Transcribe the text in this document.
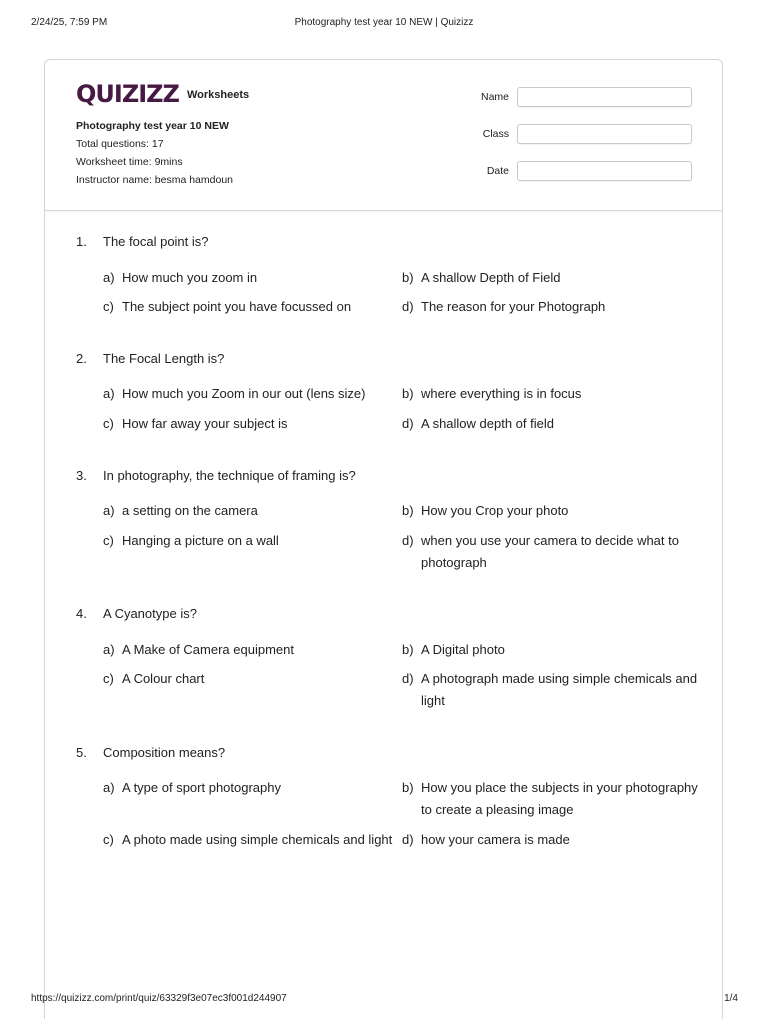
2/24/25, 7:59 PM	Photography test year 10 NEW | Quizizz
QUIZIZZ Worksheets
Photography test year 10 NEW
Total questions: 17
Worksheet time: 9mins
Instructor name: besma hamdoun
Name
Class
Date
1. The focal point is?
a) How much you zoom in	b) A shallow Depth of Field
c) The subject point you have focussed on	d) The reason for your Photograph
2. The Focal Length is?
a) How much you Zoom in our out (lens size)	b) where everything is in focus
c) How far away your subject is	d) A shallow depth of field
3. In photography, the technique of framing is?
a) a setting on the camera	b) How you Crop your photo
c) Hanging a picture on a wall	d) when you use your camera to decide what to photograph
4. A Cyanotype is?
a) A Make of Camera equipment	b) A Digital photo
c) A Colour chart	d) A photograph made using simple chemicals and light
5. Composition means?
a) A type of sport photography	b) How you place the subjects in your photography to create a pleasing image
c) A photo made using simple chemicals and light d) how your camera is made
https://quizizz.com/print/quiz/63329f3e07ec3f001d244907	1/4
